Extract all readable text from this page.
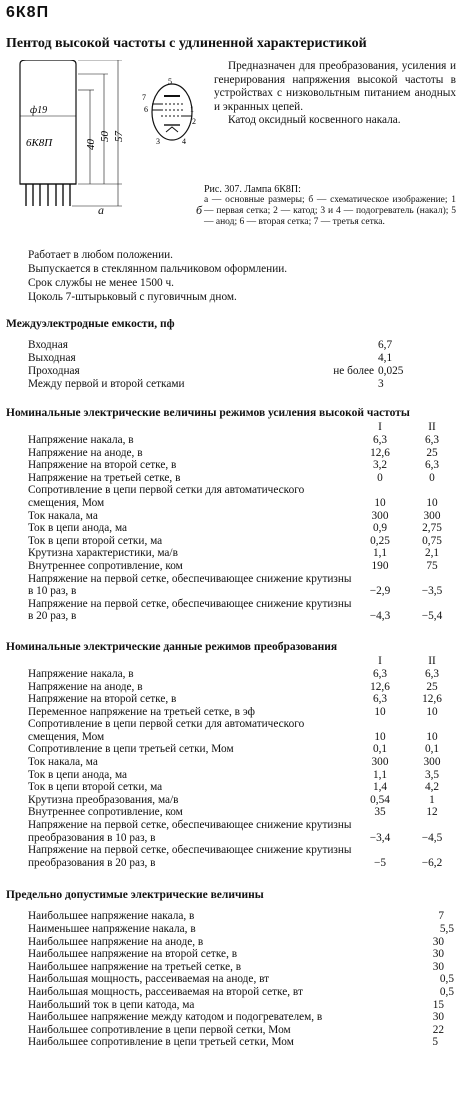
6К8П
Пентод высокой частоты с удлиненной характеристикой
ф19
6К8П	40
50 57
5
7
6	1
2
3	4
а	б

Предназначен для преобразования, усиления и генерирования напряжения высокой частоты в устройствах с низковольтным питанием анодных и экранных цепей.

Катод оксидный косвенного накала.

Рис. 307. Лампа 6К8П:
а — основные размеры; б — схематическое изображение; 1 — первая сетка; 2 — катод; 3 и 4 — подогреватель (накал); 5 — анод; 6 — вторая сетка; 7 — третья сетка.
Работает в любом положении.
Выпускается в стеклянном пальчиковом оформлении.
Срок службы не менее 1500 ч.
Цоколь 7-штырьковый с пуговичным дном.
Междуэлектродные емкости, пф
Входная		6,7
Выходная		4,1
Проходная	не более	0,025
Между первой и второй сетками		3
Номинальные электрические величины режимов усиления высокой частоты
	I	II
Напряжение накала, в	6,3	6,3
Напряжение на аноде, в	12,6	25
Напряжение на второй сетке, в	3,2	6,3
Напряжение на третьей сетке, в	0	0
Сопротивление в цепи первой сетки для автоматического смещения, Мом	10	10
Ток накала, ма	300	300
Ток в цепи анода, ма	0,9	2,75
Ток в цепи второй сетки, ма	0,25	0,75
Крутизна характеристики, ма/в	1,1	2,1
Внутреннее сопротивление, ком	190	75
Напряжение на первой сетке, обеспечивающее снижение крутизны в 10 раз, в	−2,9	−3,5
Напряжение на первой сетке, обеспечивающее снижение крутизны в 20 раз, в	−4,3	−5,4
Номинальные электрические данные режимов преобразования
	I	II
Напряжение накала, в	6,3	6,3
Напряжение на аноде, в	12,6	25
Напряжение на второй сетке, в	6,3	12,6
Переменное напряжение на третьей сетке, в эф	10	10
Сопротивление в цепи первой сетки для автоматического смещения, Мом	10	10
Сопротивление в цепи третьей сетки, Мом	0,1	0,1
Ток накала, ма	300	300
Ток в цепи анода, ма	1,1	3,5
Ток в цепи второй сетки, ма	1,4	4,2
Крутизна преобразования, ма/в	0,54	1
Внутреннее сопротивление, ком	35	12
Напряжение на первой сетке, обеспечивающее снижение крутизны преобразования в 10 раз, в	−3,4	−4,5
Напряжение на первой сетке, обеспечивающее снижение крутизны преобразования в 20 раз, в	−5	−6,2
Предельно допустимые электрические величины
Наибольшее напряжение накала, в	7
Наименьшее напряжение накала, в	5,5
Наибольшее напряжение на аноде, в	30
Наибольшее напряжение на второй сетке, в	30
Наибольшее напряжение на третьей сетке, в	30
Наибольшая мощность, рассеиваемая на аноде, вт	0,5
Наибольшая мощность, рассеиваемая на второй сетке, вт	0,5
Наибольший ток в цепи катода, ма	15
Наибольшее напряжение между катодом и подогревателем, в	30
Наибольшее сопротивление в цепи первой сетки, Мом	22
Наибольшее сопротивление в цепи третьей сетки, Мом	5
